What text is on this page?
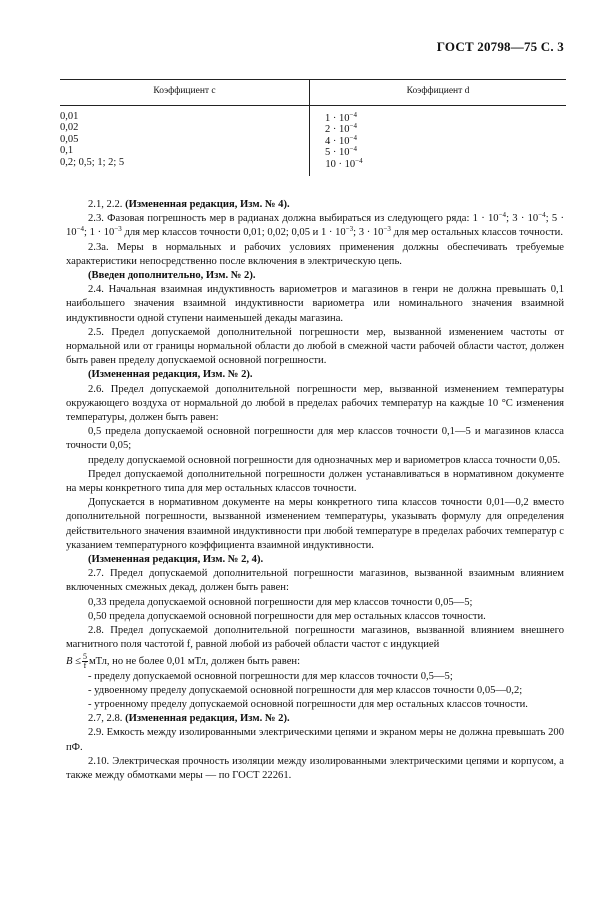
ГОСТ 20798—75 С. 3
Коэффициент c	Коэффициент d
0,01
0,02
0,05
0,1
0,2; 0,5; 1; 2; 5
$1 \cdot 10^{-4}$
$2 \cdot 10^{-4}$
$4 \cdot 10^{-4}$
$5 \cdot 10^{-4}$
$10 \cdot 10^{-4}$

2.1, 2.2. (Измененная редакция, Изм. № 4).

2.3. Фазовая погрешность мер в радианах должна выбираться из следующего ряда: $1 \cdot 10^{-4}$; $3 \cdot 10^{-4}$; $5 \cdot 10^{-4}$; $1 \cdot 10^{-3}$ для мер классов точности 0,01; 0,02; 0,05 и $1 \cdot 10^{-3}$; $3 \cdot 10^{-3}$ для мер остальных классов точности.

2.3а. Меры в нормальных и рабочих условиях применения должны обеспечивать требуемые характеристики непосредственно после включения в электрическую цепь.

(Введен дополнительно, Изм. № 2).

2.4. Начальная взаимная индуктивность вариометров и магазинов в генри не должна превышать 0,1 наибольшего значения взаимной индуктивности вариометра или номинального значения взаимной индуктивности одной ступени наименьшей декады магазина.

2.5. Предел допускаемой дополнительной погрешности мер, вызванной изменением частоты от нормальной или от границы нормальной области до любой в смежной части рабочей области частот, должен быть равен пределу допускаемой основной погрешности.

(Измененная редакция, Изм. № 2).

2.6. Предел допускаемой дополнительной погрешности мер, вызванной изменением температуры окружающего воздуха от нормальной до любой в пределах рабочих температур на каждые 10 °С изменения температуры, должен быть равен:

0,5 предела допускаемой основной погрешности для мер классов точности 0,1—5 и магазинов класса точности 0,05;

пределу допускаемой основной погрешности для однозначных мер и вариометров класса точности 0,05.

Предел допускаемой дополнительной погрешности должен устанавливаться в нормативном документе на меры конкретного типа для мер остальных классов точности.

Допускается в нормативном документе на меры конкретного типа классов точности 0,01—0,2 вместо дополнительной погрешности, вызванной изменением температуры, указывать формулу для определения действительного значения взаимной индуктивности при любой температуре в пределах рабочих температур с указанием температурного коэффициента взаимной индуктивности.

(Измененная редакция, Изм. № 2, 4).

2.7. Предел допускаемой дополнительной погрешности магазинов, вызванной взаимным влиянием включенных смежных декад, должен быть равен:

0,33 предела допускаемой основной погрешности для мер классов точности 0,05—5;

0,50 предела допускаемой основной погрешности для мер остальных классов точности.

2.8. Предел допускаемой дополнительной погрешности магазинов, вызванной влиянием внешнего магнитного поля частотой f, равной любой из рабочей области частот с индукцией

$B \le \frac{5}{f}$ мТл, но не более 0,01 мТл, должен быть равен:

- пределу допускаемой основной погрешности для мер классов точности 0,5—5;

- удвоенному пределу допускаемой основной погрешности для мер классов точности 0,05—0,2;

- утроенному пределу допускаемой основной погрешности для мер остальных классов точности.

2.7, 2.8. (Измененная редакция, Изм. № 2).

2.9. Емкость между изолированными электрическими цепями и экраном меры не должна превышать 200 пФ.

2.10. Электрическая прочность изоляции между изолированными электрическими цепями и корпусом, а также между обмотками меры — по ГОСТ 22261.
